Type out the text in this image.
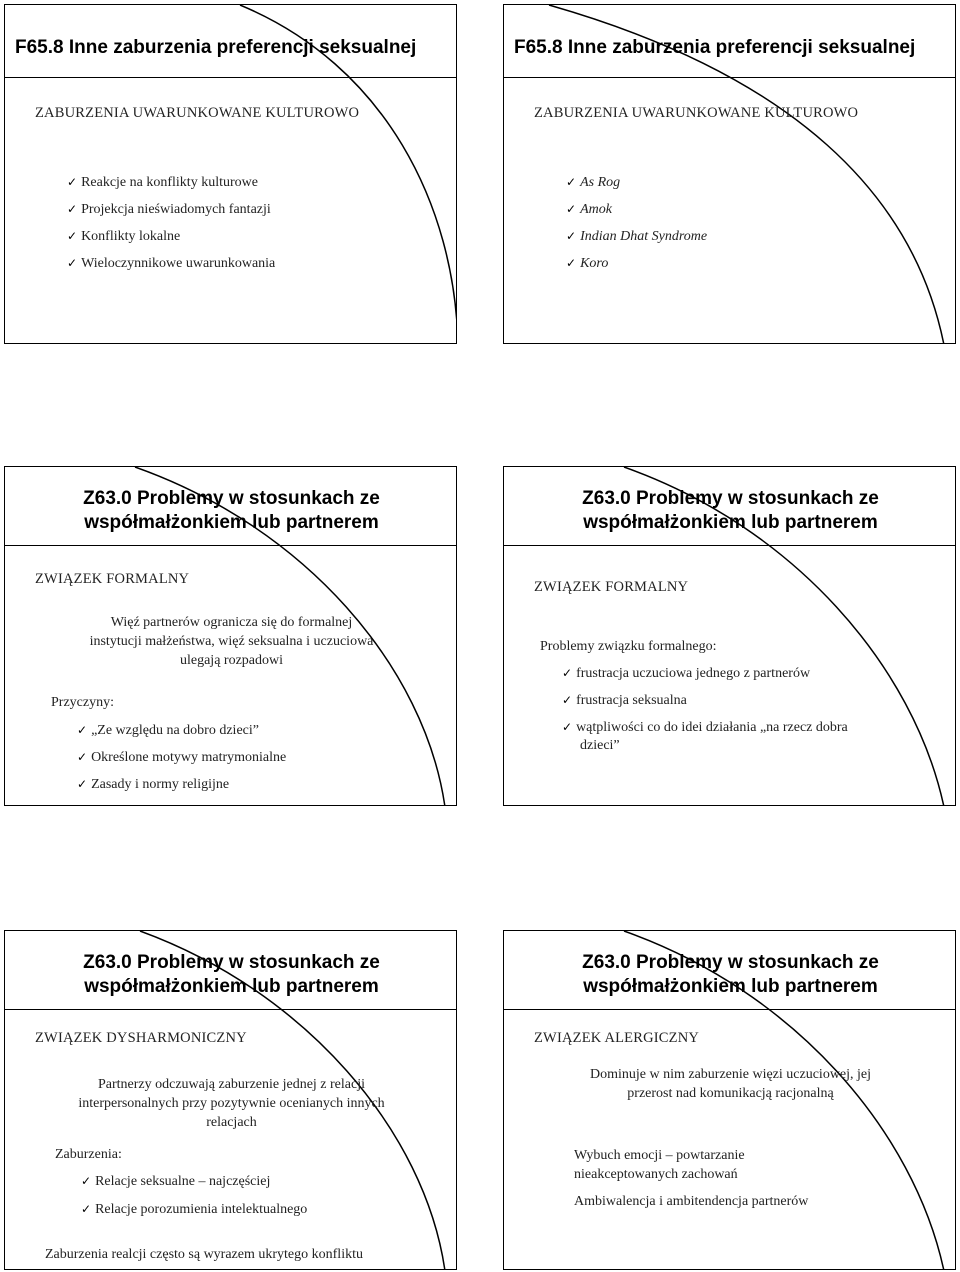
F65.8 Inne zaburzenia preferencji seksualnej
ZABURZENIA UWARUNKOWANE KULTUROWO
✓ Reakcje na konflikty kulturowe
✓ Projekcja nieświadomych fantazji
✓ Konflikty lokalne
✓ Wieloczynnikowe uwarunkowania
F65.8 Inne zaburzenia preferencji seksualnej
ZABURZENIA UWARUNKOWANE KULTUROWO
✓ As Rog
✓ Amok
✓ Indian Dhat Syndrome
✓ Koro
Z63.0 Problemy w stosunkach ze
współmałżonkiem lub partnerem
ZWIĄZEK FORMALNY
Więź partnerów ogranicza się do formalnej
instytucji małżeństwa, więź seksualna i uczuciowa
ulegają rozpadowi
Przyczyny:
✓ „Ze względu na dobro dzieci”
✓ Określone motywy matrymonialne
✓ Zasady i normy religijne
Z63.0 Problemy w stosunkach ze
współmałżonkiem lub partnerem
ZWIĄZEK FORMALNY
Problemy związku formalnego:
✓ frustracja uczuciowa jednego z partnerów
✓ frustracja seksualna
✓ wątpliwości co do idei działania „na rzecz dobra
dzieci”
Z63.0 Problemy w stosunkach ze
współmałżonkiem lub partnerem
ZWIĄZEK DYSHARMONICZNY
Partnerzy odczuwają zaburzenie jednej z relacji
interpersonalnych przy pozytywnie ocenianych innych
relacjach
Zaburzenia:
✓ Relacje seksualne – najczęściej
✓ Relacje porozumienia intelektualnego
Zaburzenia realcji często są wyrazem ukrytego konfliktu
Z63.0 Problemy w stosunkach ze
współmałżonkiem lub partnerem
ZWIĄZEK ALERGICZNY
Dominuje w nim zaburzenie więzi uczuciowej, jej
przerost nad komunikacją racjonalną
Wybuch emocji – powtarzanie
nieakceptowanych zachowań
Ambiwalencja i ambitendencja partnerów
